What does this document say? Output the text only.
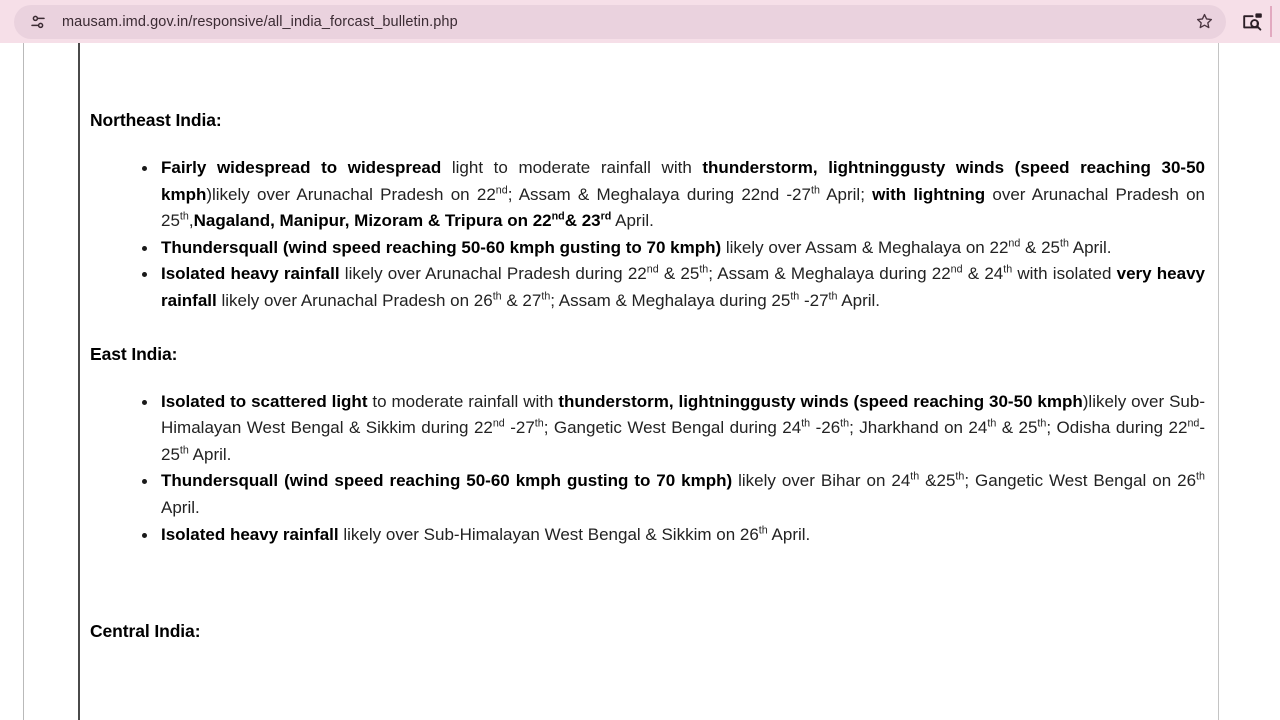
mausam.imd.gov.in/responsive/all_india_forcast_bulletin.php

Northeast India:
Fairly widespread to widespread light to moderate rainfall with thunderstorm, lightninggusty winds (speed reaching 30-50 kmph)likely over Arunachal Pradesh on 22nd; Assam & Meghalaya during 22nd -27th April; with lightning over Arunachal Pradesh on 25th,Nagaland, Manipur, Mizoram & Tripura on 22nd& 23rd April.
Thundersquall (wind speed reaching 50-60 kmph gusting to 70 kmph) likely over Assam & Meghalaya on 22nd & 25th April.
Isolated heavy rainfall likely over Arunachal Pradesh during 22nd & 25th; Assam & Meghalaya during 22nd & 24th with isolated very heavy rainfall likely over Arunachal Pradesh on 26th & 27th; Assam & Meghalaya during 25th -27th April.
East India:
Isolated to scattered light to moderate rainfall with thunderstorm, lightninggusty winds (speed reaching 30-50 kmph)likely over Sub-Himalayan West Bengal & Sikkim during 22nd -27th; Gangetic West Bengal during 24th -26th; Jharkhand on 24th & 25th; Odisha during 22nd-25th April.
Thundersquall (wind speed reaching 50-60 kmph gusting to 70 kmph) likely over Bihar on 24th &25th; Gangetic West Bengal on 26th April.
Isolated heavy rainfall likely over Sub-Himalayan West Bengal & Sikkim on 26th April.
Central India:
